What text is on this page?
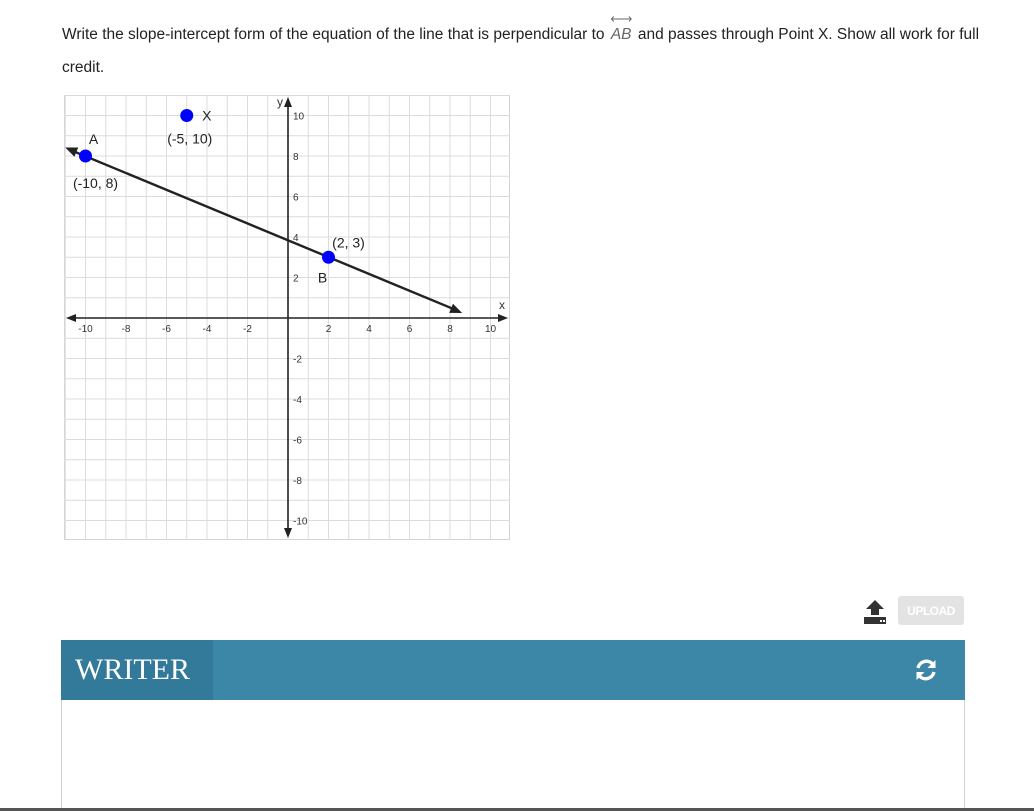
Write the slope-intercept form of the equation of the line that is perpendicular to AB and passes through Point X. Show all work for full credit.
-10	-8	-6	-4	-2	2	4	6	8	10
10
8
6
4
2
-2
-4
-6
-8
-10
x
y
A
(-10, 8)
B
(2, 3)
X
(-5, 10)
UPLOAD
WRITER
